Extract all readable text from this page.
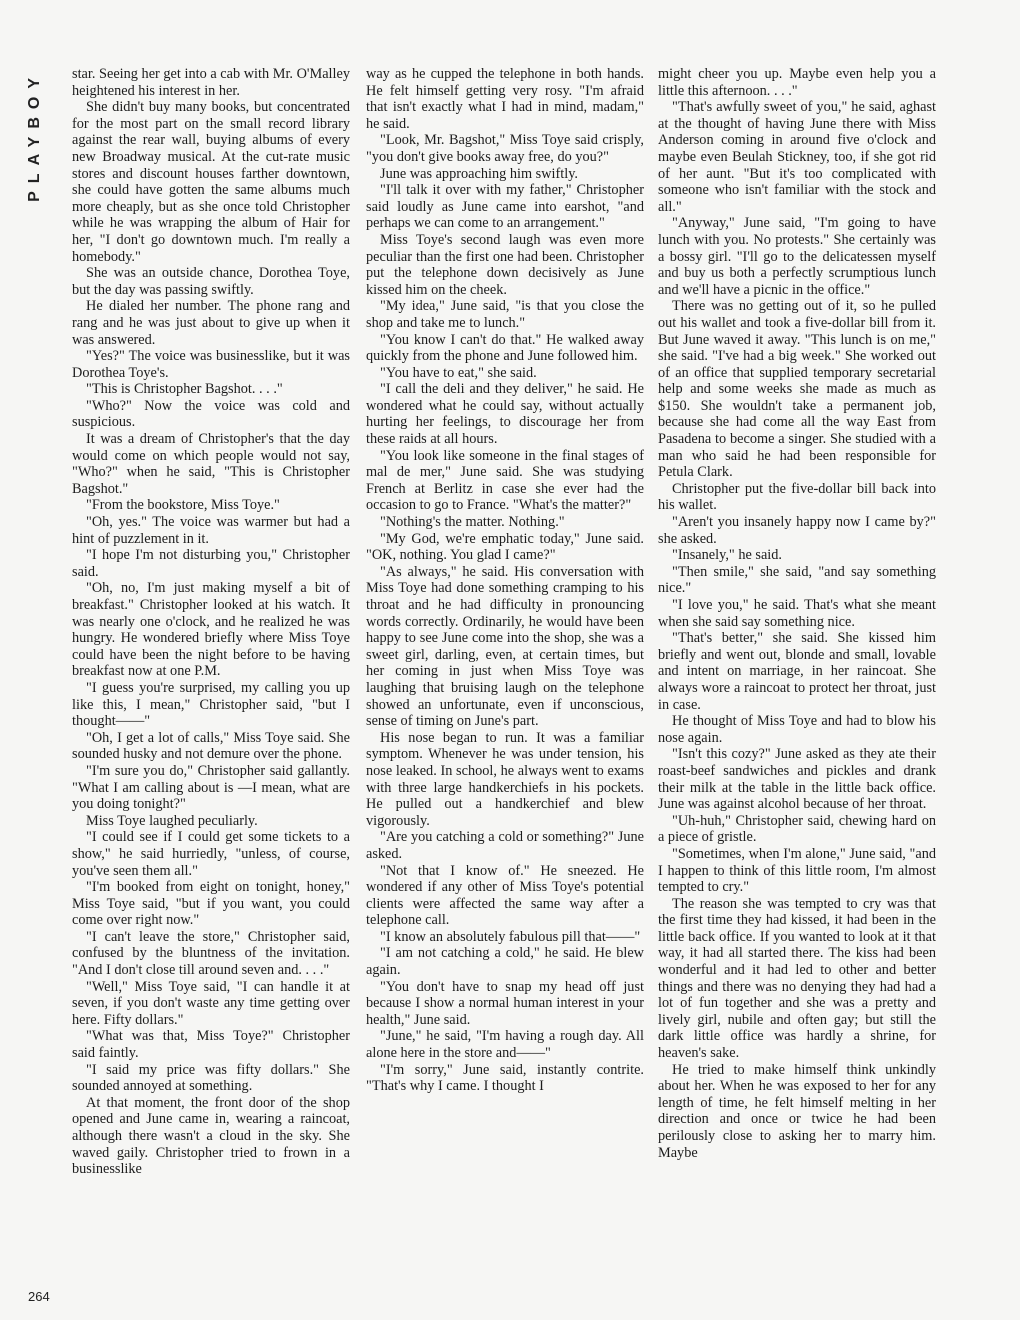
PLAYBOY
264

star. Seeing her get into a cab with Mr. O'Malley heightened his interest in her.

She didn't buy many books, but concentrated for the most part on the small record library against the rear wall, buying albums of every new Broadway musical. At the cut-rate music stores and discount houses farther downtown, she could have gotten the same albums much more cheaply, but as she once told Christopher while he was wrapping the album of Hair for her, "I don't go downtown much. I'm really a homebody."

She was an outside chance, Dorothea Toye, but the day was passing swiftly.

He dialed her number. The phone rang and rang and he was just about to give up when it was answered.

"Yes?" The voice was businesslike, but it was Dorothea Toye's.

"This is Christopher Bagshot. . . ."

"Who?" Now the voice was cold and suspicious.

It was a dream of Christopher's that the day would come on which people would not say, "Who?" when he said, "This is Christopher Bagshot."

"From the bookstore, Miss Toye."

"Oh, yes." The voice was warmer but had a hint of puzzlement in it.

"I hope I'm not disturbing you," Christopher said.

"Oh, no, I'm just making myself a bit of breakfast." Christopher looked at his watch. It was nearly one o'clock, and he realized he was hungry. He wondered briefly where Miss Toye could have been the night before to be having breakfast now at one P.M.

"I guess you're surprised, my calling you up like this, I mean," Christopher said, "but I thought——"

"Oh, I get a lot of calls," Miss Toye said. She sounded husky and not demure over the phone.

"I'm sure you do," Christopher said gallantly. "What I am calling about is —I mean, what are you doing tonight?"

Miss Toye laughed peculiarly.

"I could see if I could get some tickets to a show," he said hurriedly, "unless, of course, you've seen them all."

"I'm booked from eight on tonight, honey," Miss Toye said, "but if you want, you could come over right now."

"I can't leave the store," Christopher said, confused by the bluntness of the invitation. "And I don't close till around seven and. . . ."

"Well," Miss Toye said, "I can handle it at seven, if you don't waste any time getting over here. Fifty dollars."

"What was that, Miss Toye?" Christopher said faintly.

"I said my price was fifty dollars." She sounded annoyed at something.

At that moment, the front door of the shop opened and June came in, wearing a raincoat, although there wasn't a cloud in the sky. She waved gaily. Christopher tried to frown in a businesslike

way as he cupped the telephone in both hands. He felt himself getting very rosy. "I'm afraid that isn't exactly what I had in mind, madam," he said.

"Look, Mr. Bagshot," Miss Toye said crisply, "you don't give books away free, do you?"

June was approaching him swiftly.

"I'll talk it over with my father," Christopher said loudly as June came into earshot, "and perhaps we can come to an arrangement."

Miss Toye's second laugh was even more peculiar than the first one had been. Christopher put the telephone down decisively as June kissed him on the cheek.

"My idea," June said, "is that you close the shop and take me to lunch."

"You know I can't do that." He walked away quickly from the phone and June followed him.

"You have to eat," she said.

"I call the deli and they deliver," he said. He wondered what he could say, without actually hurting her feelings, to discourage her from these raids at all hours.

"You look like someone in the final stages of mal de mer," June said. She was studying French at Berlitz in case she ever had the occasion to go to France. "What's the matter?"

"Nothing's the matter. Nothing."

"My God, we're emphatic today," June said. "OK, nothing. You glad I came?"

"As always," he said. His conversation with Miss Toye had done something cramping to his throat and he had difficulty in pronouncing words correctly. Ordinarily, he would have been happy to see June come into the shop, she was a sweet girl, darling, even, at certain times, but her coming in just when Miss Toye was laughing that bruising laugh on the telephone showed an unfortunate, even if unconscious, sense of timing on June's part.

His nose began to run. It was a familiar symptom. Whenever he was under tension, his nose leaked. In school, he always went to exams with three large handkerchiefs in his pockets. He pulled out a handkerchief and blew vigorously.

"Are you catching a cold or something?" June asked.

"Not that I know of." He sneezed. He wondered if any other of Miss Toye's potential clients were affected the same way after a telephone call.

"I know an absolutely fabulous pill that——"

"I am not catching a cold," he said. He blew again.

"You don't have to snap my head off just because I show a normal human interest in your health," June said.

"June," he said, "I'm having a rough day. All alone here in the store and——"

"I'm sorry," June said, instantly contrite. "That's why I came. I thought I

might cheer you up. Maybe even help you a little this afternoon. . . ."

"That's awfully sweet of you," he said, aghast at the thought of having June there with Miss Anderson coming in around five o'clock and maybe even Beulah Stickney, too, if she got rid of her aunt. "But it's too complicated with someone who isn't familiar with the stock and all."

"Anyway," June said, "I'm going to have lunch with you. No protests." She certainly was a bossy girl. "I'll go to the delicatessen myself and buy us both a perfectly scrumptious lunch and we'll have a picnic in the office."

There was no getting out of it, so he pulled out his wallet and took a five-dollar bill from it. But June waved it away. "This lunch is on me," she said. "I've had a big week." She worked out of an office that supplied temporary secretarial help and some weeks she made as much as $150. She wouldn't take a permanent job, because she had come all the way East from Pasadena to become a singer. She studied with a man who said he had been responsible for Petula Clark.

Christopher put the five-dollar bill back into his wallet.

"Aren't you insanely happy now I came by?" she asked.

"Insanely," he said.

"Then smile," she said, "and say something nice."

"I love you," he said. That's what she meant when she said say something nice.

"That's better," she said. She kissed him briefly and went out, blonde and small, lovable and intent on marriage, in her raincoat. She always wore a raincoat to protect her throat, just in case.

He thought of Miss Toye and had to blow his nose again.

"Isn't this cozy?" June asked as they ate their roast-beef sandwiches and pickles and drank their milk at the table in the little back office. June was against alcohol because of her throat.

"Uh-huh," Christopher said, chewing hard on a piece of gristle.

"Sometimes, when I'm alone," June said, "and I happen to think of this little room, I'm almost tempted to cry."

The reason she was tempted to cry was that the first time they had kissed, it had been in the little back office. If you wanted to look at it that way, it had all started there. The kiss had been wonderful and it had led to other and better things and there was no denying they had had a lot of fun together and she was a pretty and lively girl, nubile and often gay; but still the dark little office was hardly a shrine, for heaven's sake.

He tried to make himself think unkindly about her. When he was exposed to her for any length of time, he felt himself melting in her direction and once or twice he had been perilously close to asking her to marry him. Maybe
